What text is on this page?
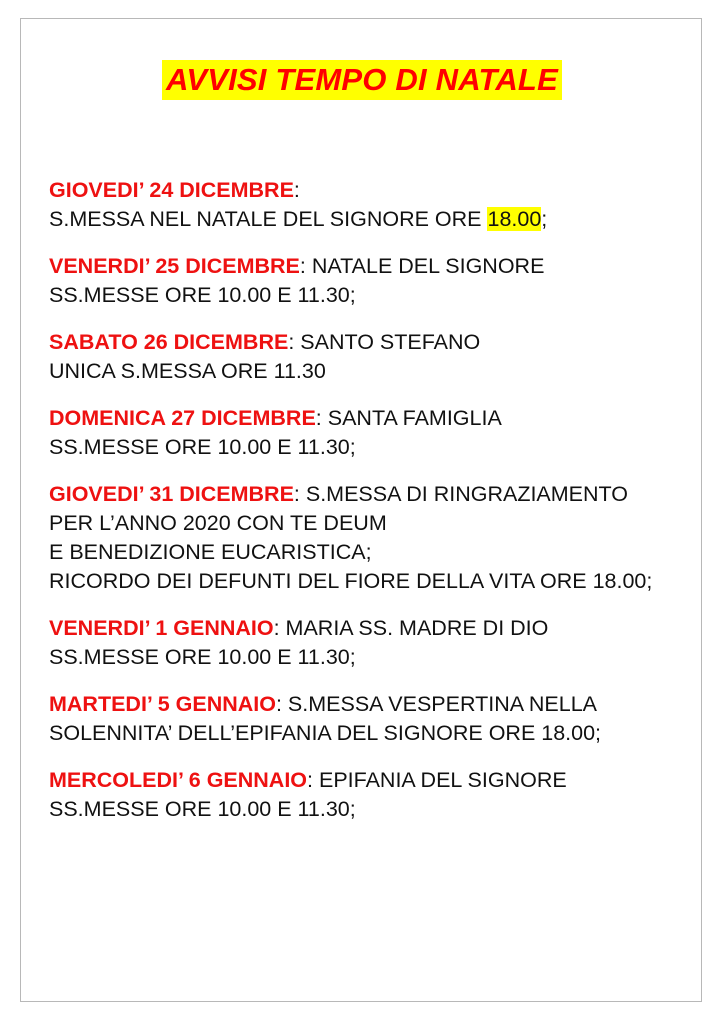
AVVISI TEMPO DI NATALE
GIOVEDI’ 24 DICEMBRE:
S.MESSA NEL NATALE DEL SIGNORE ORE 18.00;
VENERDI’ 25 DICEMBRE: NATALE DEL SIGNORE
SS.MESSE ORE 10.00 E 11.30;
SABATO 26 DICEMBRE: SANTO STEFANO
UNICA S.MESSA ORE 11.30
DOMENICA 27 DICEMBRE: SANTA FAMIGLIA
SS.MESSE ORE 10.00 E 11.30;
GIOVEDI’ 31 DICEMBRE: S.MESSA DI RINGRAZIAMENTO
PER L’ANNO 2020 CON TE DEUM
E BENEDIZIONE EUCARISTICA;
RICORDO DEI DEFUNTI DEL FIORE DELLA VITA ORE 18.00;
VENERDI’ 1 GENNAIO: MARIA SS. MADRE DI DIO
SS.MESSE ORE 10.00 E 11.30;
MARTEDI’ 5 GENNAIO: S.MESSA VESPERTINA NELLA
SOLENNITA’ DELL’EPIFANIA DEL SIGNORE ORE 18.00;
MERCOLEDI’ 6 GENNAIO: EPIFANIA DEL SIGNORE
SS.MESSE ORE 10.00 E 11.30;
